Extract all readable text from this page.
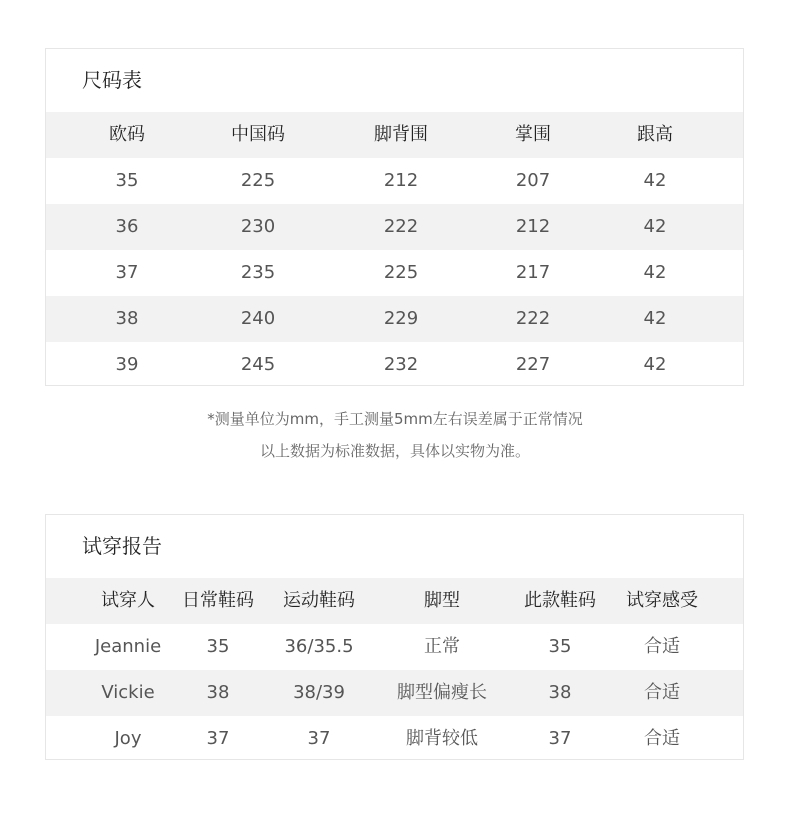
尺码表
欧码	中国码	脚背围	掌围	跟高
35	225	212	207	42
36	230	222	212	42
37	235	225	217	42
38	240	229	222	42
39	245	232	227	42
*测量单位为mm，手工测量5mm左右误差属于正常情况
以上数据为标准数据，具体以实物为准。
试穿报告
试穿人	日常鞋码	运动鞋码	脚型	此款鞋码	试穿感受
Jeannie	35	36/35.5	正常	35	合适
Vickie	38	38/39	脚型偏瘦长	38	合适
Joy	37	37	脚背较低	37	合适
